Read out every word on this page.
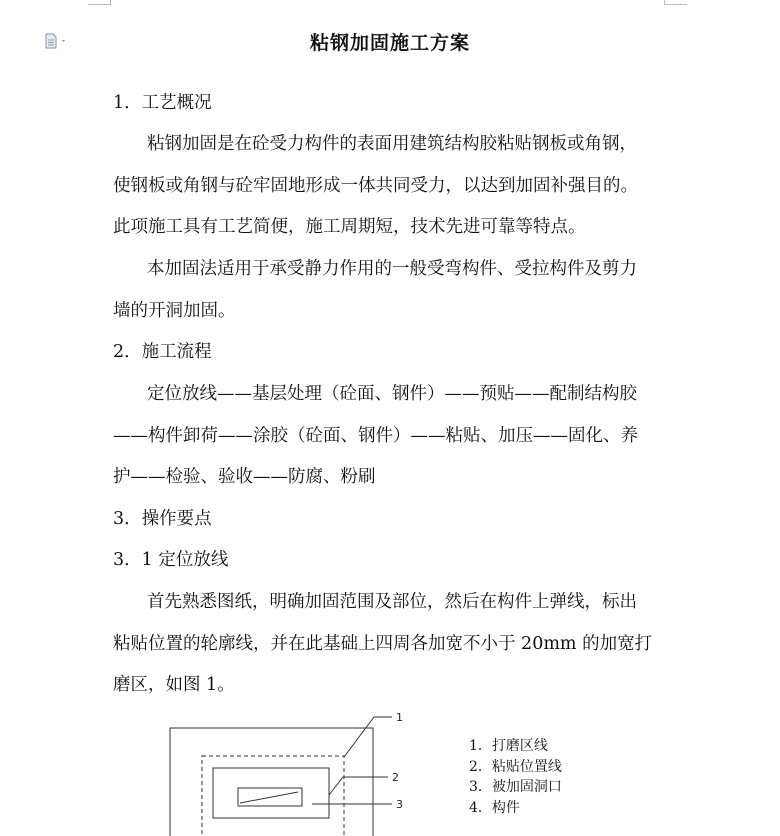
粘钢加固施工方案
1．工艺概况
粘钢加固是在砼受力构件的表面用建筑结构胶粘贴钢板或角钢，
使钢板或角钢与砼牢固地形成一体共同受力，以达到加固补强目的。
此项施工具有工艺简便，施工周期短，技术先进可靠等特点。
本加固法适用于承受静力作用的一般受弯构件、受拉构件及剪力
墙的开洞加固。
2．施工流程
定位放线——基层处理（砼面、钢件）——预贴——配制结构胶
——构件卸荷——涂胶（砼面、钢件）——粘贴、加压——固化、养
护——检验、验收——防腐、粉刷
3．操作要点
3．1 定位放线
首先熟悉图纸，明确加固范围及部位，然后在构件上弹线，标出
粘贴位置的轮廓线，并在此基础上四周各加宽不小于 20mm 的加宽打
磨区，如图 1。
1
2
3
1．打磨区线
2．粘贴位置线
3．被加固洞口
4．构件
